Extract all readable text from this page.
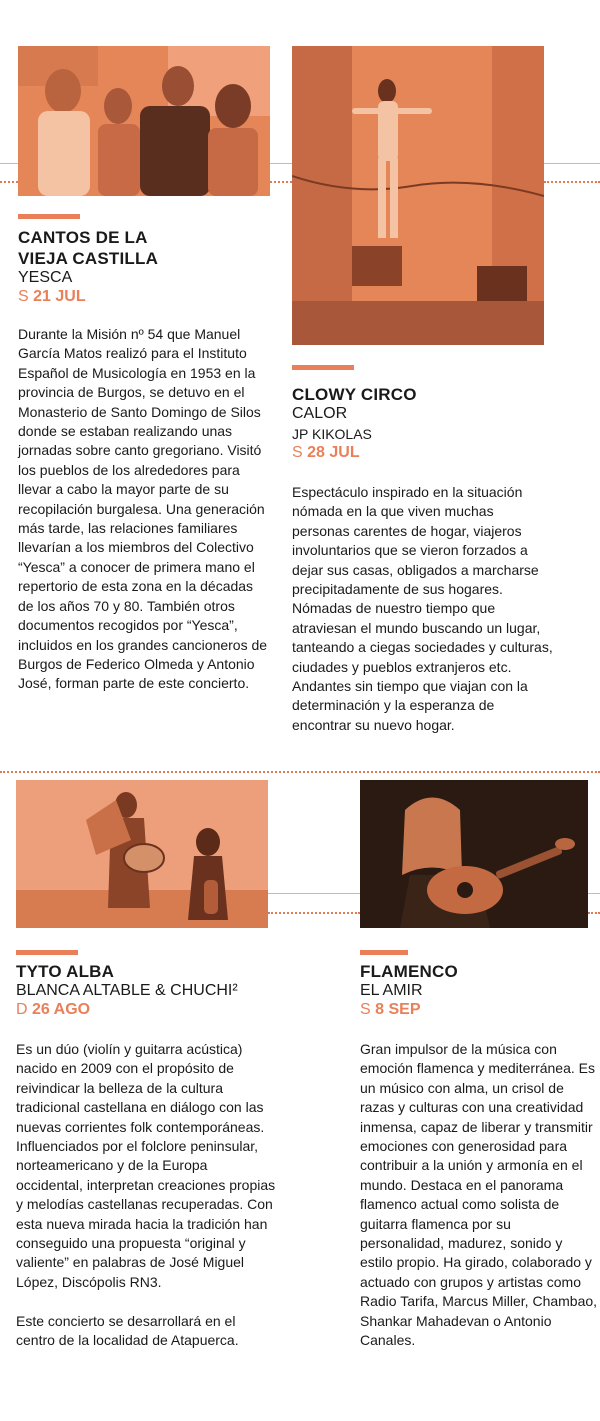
CANTOS DE LA
VIEJA CASTILLA

YESCA

S 21 JUL

Durante la Misión nº 54 que Manuel García Matos realizó para el Instituto Español de Musicología en 1953 en la provincia de Burgos, se detuvo en el Monasterio de Santo Domingo de Silos donde se estaban realizando unas jornadas sobre canto gregoriano. Visitó los pueblos de los alrededores para llevar a cabo la mayor parte de su recopilación burgalesa. Una generación más tarde, las relaciones familiares llevarían a los miembros del Colectivo “Yesca” a conocer de primera mano el repertorio de esta zona en la décadas de los años 70 y 80. También otros documentos recogidos por “Yesca”, incluidos en los grandes cancioneros de Burgos de Federico Olmeda y Antonio José, forman parte de este concierto.

CLOWY CIRCO

CALOR

JP KIKOLAS

S 28 JUL

Espectáculo inspirado en la situación nómada en la que viven muchas personas carentes de hogar, viajeros involuntarios que se vieron forzados a dejar sus casas, obligados a marcharse precipitadamente de sus hogares. Nómadas de nuestro tiempo que atraviesan el mundo buscando un lugar, tanteando a ciegas sociedades y culturas, ciudades y pueblos extranjeros etc. Andantes sin tiempo que viajan con la determinación y la esperanza de encontrar su nuevo hogar.

TYTO ALBA

BLANCA ALTABLE & CHUCHI²

D 26 AGO

Es un dúo (violín y guitarra acústica) nacido en 2009 con el propósito de reivindicar la belleza de la cultura tradicional castellana en diálogo con las nuevas corrientes folk contemporáneas. Influenciados por el folclore peninsular, norteamericano y de la Europa occidental, interpretan creaciones propias y melodías castellanas recuperadas. Con esta nueva mirada hacia la tradición han conseguido una propuesta “original y valiente” en palabras de José Miguel López, Discópolis RN3.

Este concierto se desarrollará en el centro de la localidad de Atapuerca.

FLAMENCO

EL AMIR

S 8 SEP

Gran impulsor de la música con emoción flamenca y mediterránea. Es un músico con alma, un crisol de razas y culturas con una creatividad inmensa, capaz de liberar y transmitir emociones con generosidad para contribuir a la unión y armonía en el mundo. Destaca en el panorama flamenco actual como solista de guitarra flamenca por su personalidad, madurez, sonido y estilo propio. Ha girado, colaborado y actuado con grupos y artistas como Radio Tarifa, Marcus Miller, Chambao, Shankar Mahadevan o Antonio Canales.
